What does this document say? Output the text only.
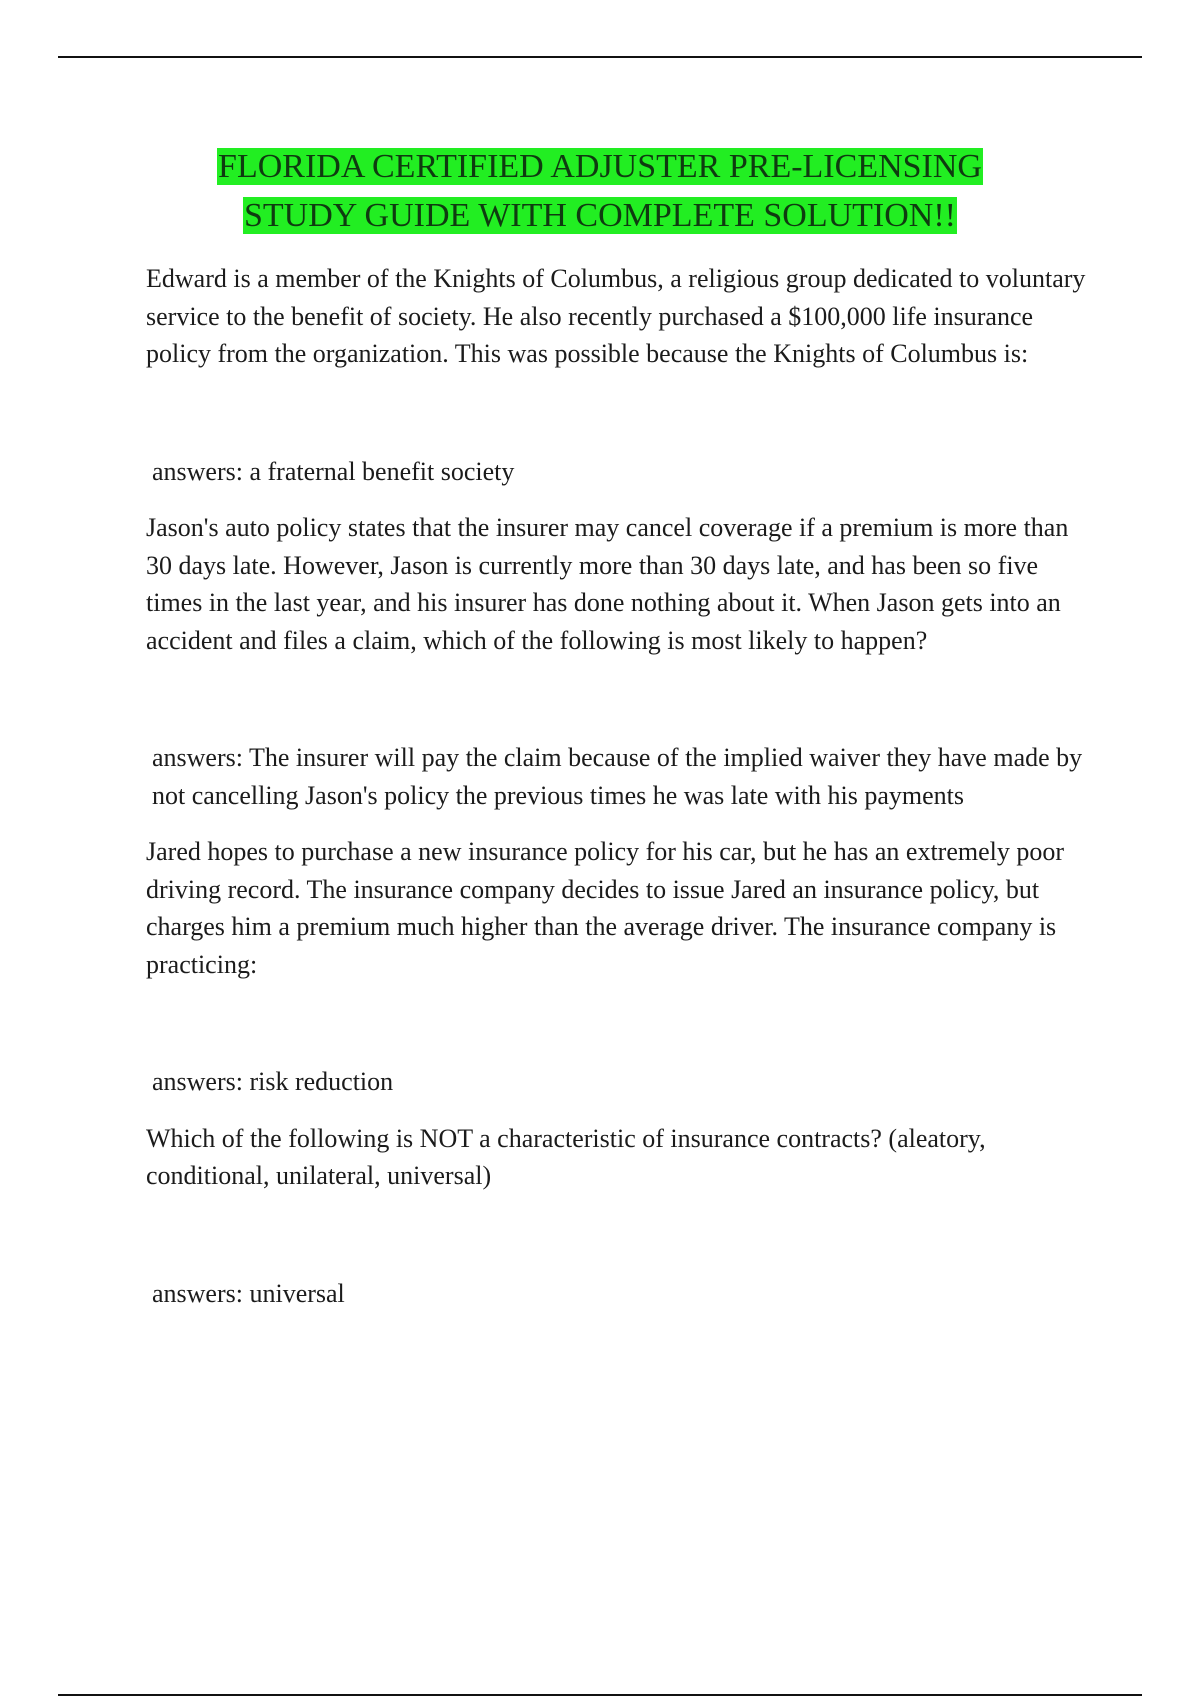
FLORIDA CERTIFIED ADJUSTER PRE-LICENSING
STUDY GUIDE WITH COMPLETE SOLUTION!!

Edward is a member of the Knights of Columbus, a religious group dedicated to voluntary service to the benefit of society. He also recently purchased a $100,000 life insurance policy from the organization. This was possible because the Knights of Columbus is:

answers: a fraternal benefit society

Jason's auto policy states that the insurer may cancel coverage if a premium is more than 30 days late. However, Jason is currently more than 30 days late, and has been so five times in the last year, and his insurer has done nothing about it. When Jason gets into an accident and files a claim, which of the following is most likely to happen?

answers: The insurer will pay the claim because of the implied waiver they have made by not cancelling Jason's policy the previous times he was late with his payments

Jared hopes to purchase a new insurance policy for his car, but he has an extremely poor driving record. The insurance company decides to issue Jared an insurance policy, but charges him a premium much higher than the average driver. The insurance company is practicing:

answers: risk reduction

Which of the following is NOT a characteristic of insurance contracts? (aleatory, conditional, unilateral, universal)

answers: universal
